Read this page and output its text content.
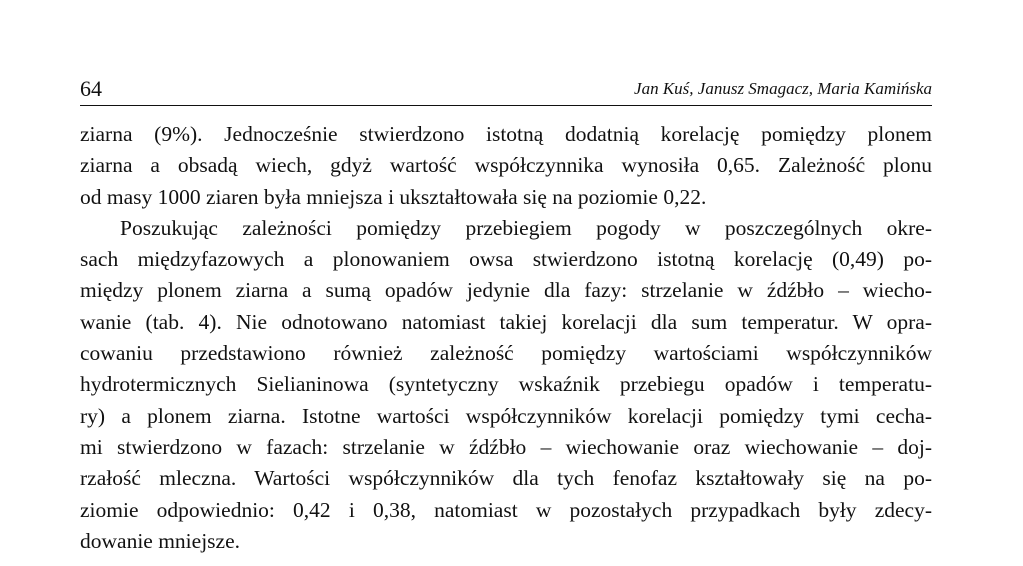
64	Jan Kuś, Janusz Smagacz, Maria Kamińska
ziarna (9%). Jednocześnie stwierdzono istotną dodatnią korelację pomiędzy plonem
ziarna a obsadą wiech, gdyż wartość współczynnika wynosiła 0,65. Zależność plonu
od masy 1000 ziaren była mniejsza i ukształtowała się na poziomie 0,22.
Poszukując zależności pomiędzy przebiegiem pogody w poszczególnych okre-
sach międzyfazowych a plonowaniem owsa stwierdzono istotną korelację (0,49) po-
między plonem ziarna a sumą opadów jedynie dla fazy: strzelanie w źdźbło – wiecho-
wanie (tab. 4). Nie odnotowano natomiast takiej korelacji dla sum temperatur. W opra-
cowaniu przedstawiono również zależność pomiędzy wartościami współczynników
hydrotermicznych Sielianinowa (syntetyczny wskaźnik przebiegu opadów i temperatu-
ry) a plonem ziarna. Istotne wartości współczynników korelacji pomiędzy tymi cecha-
mi stwierdzono w fazach: strzelanie w źdźbło – wiechowanie oraz wiechowanie – doj-
rzałość mleczna. Wartości współczynników dla tych fenofaz kształtowały się na po-
ziomie odpowiednio: 0,42 i 0,38, natomiast w pozostałych przypadkach były zdecy-
dowanie mniejsze.
